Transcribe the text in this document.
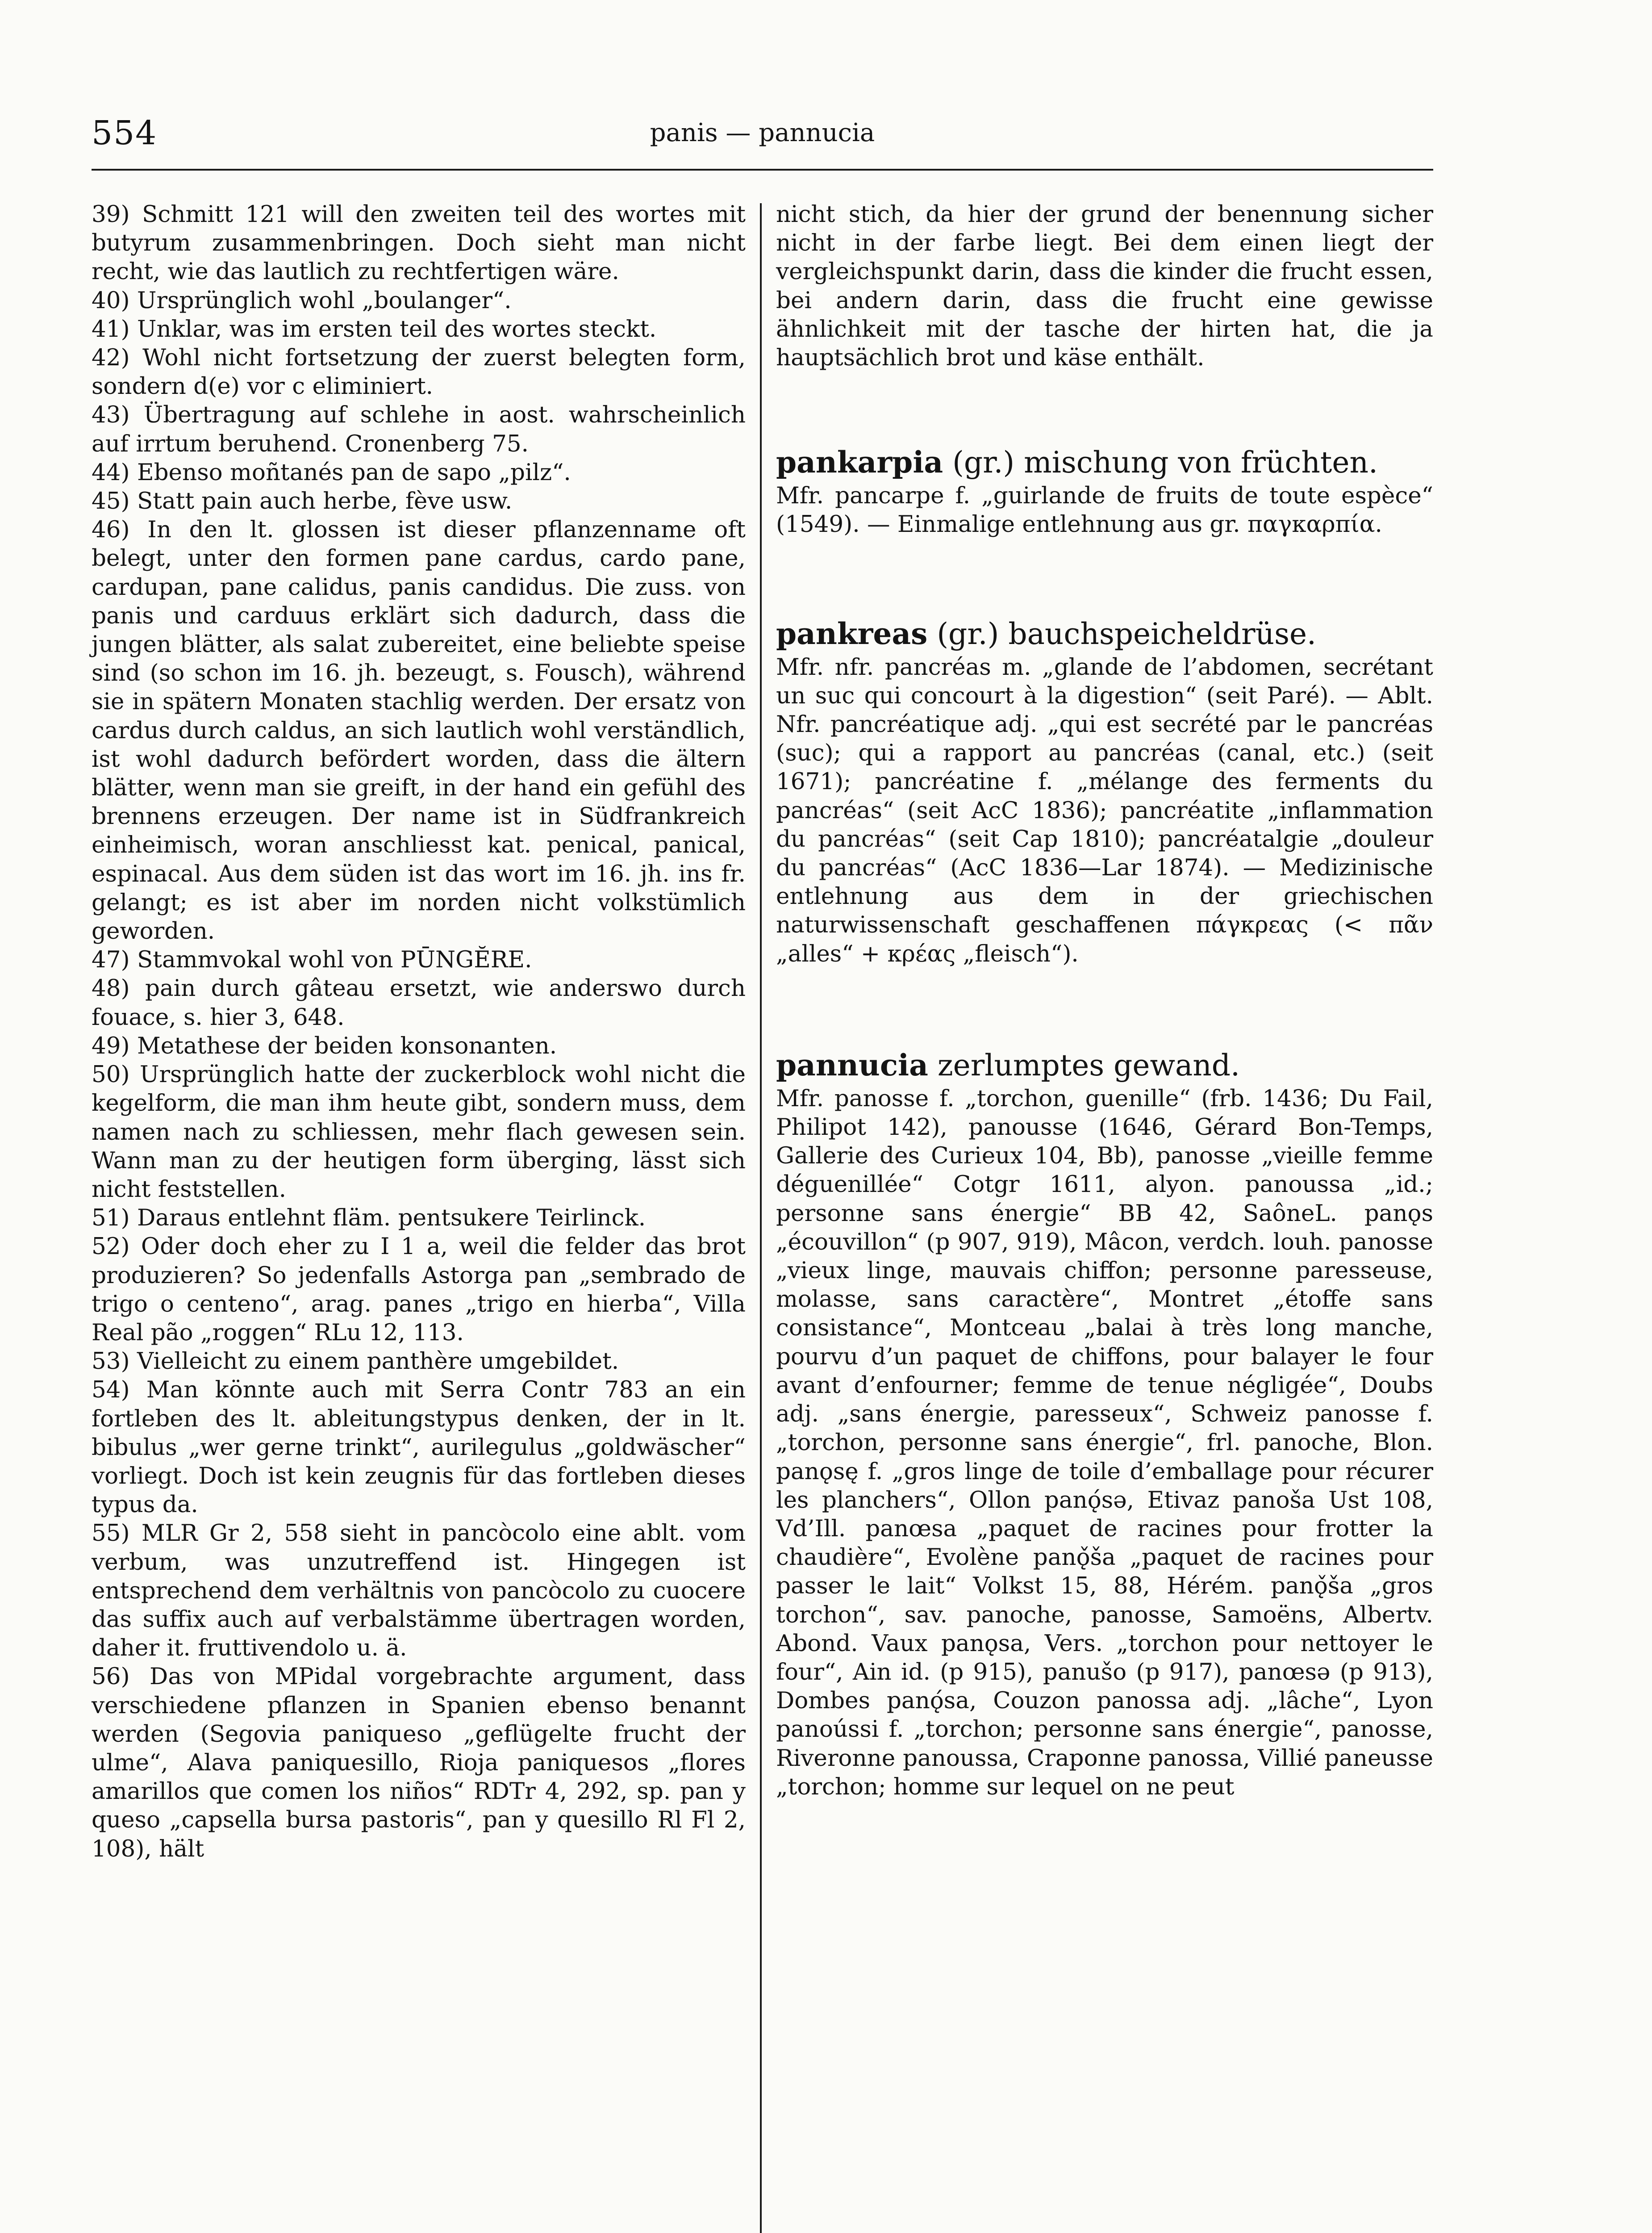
554	panis — pannucia

39) Schmitt 121 will den zweiten teil des wortes mit butyrum zusammenbringen. Doch sieht man nicht recht, wie das lautlich zu rechtfertigen wäre.

40) Ursprünglich wohl „boulanger“.

41) Unklar, was im ersten teil des wortes steckt.

42) Wohl nicht fortsetzung der zuerst belegten form, sondern d(e) vor c eliminiert.

43) Übertragung auf schlehe in aost. wahrscheinlich auf irrtum beruhend. Cronenberg 75.

44) Ebenso moñtanés pan de sapo „pilz“.

45) Statt pain auch herbe, fève usw.

46) In den lt. glossen ist dieser pflanzenname oft belegt, unter den formen pane cardus, cardo pane, cardupan, pane calidus, panis candidus. Die zuss. von panis und carduus erklärt sich dadurch, dass die jungen blätter, als salat zubereitet, eine beliebte speise sind (so schon im 16. jh. bezeugt, s. Fousch), während sie in spätern Monaten stachlig werden. Der ersatz von cardus durch caldus, an sich lautlich wohl verständlich, ist wohl dadurch befördert worden, dass die ältern blätter, wenn man sie greift, in der hand ein gefühl des brennens erzeugen. Der name ist in Südfrankreich einheimisch, woran anschliesst kat. penical, panical, espinacal. Aus dem süden ist das wort im 16. jh. ins fr. gelangt; es ist aber im norden nicht volkstümlich geworden.

47) Stammvokal wohl von PŪNGĔRE.

48) pain durch gâteau ersetzt, wie anderswo durch fouace, s. hier 3, 648.

49) Metathese der beiden konsonanten.

50) Ursprünglich hatte der zuckerblock wohl nicht die kegelform, die man ihm heute gibt, sondern muss, dem namen nach zu schliessen, mehr flach gewesen sein. Wann man zu der heutigen form überging, lässt sich nicht feststellen.

51) Daraus entlehnt fläm. pentsukere Teirlinck.

52) Oder doch eher zu I 1 a, weil die felder das brot produzieren? So jedenfalls Astorga pan „sembrado de trigo o centeno“, arag. panes „trigo en hierba“, Villa Real pão „roggen“ RLu 12, 113.

53) Vielleicht zu einem panthère umgebildet.

54) Man könnte auch mit Serra Contr 783 an ein fortleben des lt. ableitungstypus denken, der in lt. bibulus „wer gerne trinkt“, aurilegulus „goldwäscher“ vorliegt. Doch ist kein zeugnis für das fortleben dieses typus da.

55) MLR Gr 2, 558 sieht in pancòcolo eine ablt. vom verbum, was unzutreffend ist. Hingegen ist entsprechend dem verhältnis von pancòcolo zu cuocere das suffix auch auf verbalstämme übertragen worden, daher it. fruttivendolo u. ä.

56) Das von MPidal vorgebrachte argument, dass verschiedene pflanzen in Spanien ebenso benannt werden (Segovia paniqueso „geflügelte frucht der ulme“, Alava paniquesillo, Rioja paniquesos „flores amarillos que comen los niños“ RDTr 4, 292, sp. pan y queso „capsella bursa pastoris“, pan y quesillo Rl Fl 2, 108), hält

nicht stich, da hier der grund der benennung sicher nicht in der farbe liegt. Bei dem einen liegt der vergleichspunkt darin, dass die kinder die frucht essen, bei andern darin, dass die frucht eine gewisse ähnlichkeit mit der tasche der hirten hat, die ja hauptsächlich brot und käse enthält.

pankarpia (gr.) mischung von früchten.

Mfr. pancarpe f. „guirlande de fruits de toute espèce“ (1549). — Einmalige entlehnung aus gr. παγκαρπία.

pankreas (gr.) bauchspeicheldrüse.

Mfr. nfr. pancréas m. „glande de l’abdomen, secrétant un suc qui concourt à la digestion“ (seit Paré). — Ablt. Nfr. pancréatique adj. „qui est secrété par le pancréas (suc); qui a rapport au pancréas (canal, etc.) (seit 1671); pancréatine f. „mélange des ferments du pancréas“ (seit AcC 1836); pancréatite „inflammation du pancréas“ (seit Cap 1810); pancréatalgie „douleur du pancréas“ (AcC 1836—Lar 1874). — Medizinische entlehnung aus dem in der griechischen naturwissenschaft geschaffenen πάγκρεας (< πᾶν „alles“ + κρέας „fleisch“).

pannucia zerlumptes gewand.

Mfr. panosse f. „torchon, guenille“ (frb. 1436; Du Fail, Philipot 142), panousse (1646, Gérard Bon-Temps, Gallerie des Curieux 104, Bb), panosse „vieille femme déguenillée“ Cotgr 1611, alyon. panoussa „id.; personne sans énergie“ BB 42, SaôneL. panǫs „écouvillon“ (p 907, 919), Mâcon, verdch. louh. panosse „vieux linge, mauvais chiffon; personne paresseuse, molasse, sans caractère“, Montret „étoffe sans consistance“, Montceau „balai à très long manche, pourvu d’un paquet de chiffons, pour balayer le four avant d’enfourner; femme de tenue négligée“, Doubs adj. „sans énergie, paresseux“, Schweiz panosse f. „torchon, personne sans énergie“, frl. panoche, Blon. panǫsę f. „gros linge de toile d’emballage pour récurer les planchers“, Ollon panǫ́sə, Etivaz panoša Ust 108, Vd’Ill. panœsa „paquet de racines pour frotter la chaudière“, Evolène panǫ̌ša „paquet de racines pour passer le lait“ Volkst 15, 88, Hérém. panǫ̌ša „gros torchon“, sav. panoche, panosse, Samoëns, Albertv. Abond. Vaux panǫsa, Vers. „torchon pour nettoyer le four“, Ain id. (p 915), panušo (p 917), panœsə (p 913), Dombes panǫ́sa, Couzon panossa adj. „lâche“, Lyon panoússi f. „torchon; personne sans énergie“, panosse, Riveronne panoussa, Craponne panossa, Villié paneusse „torchon; homme sur lequel on ne peut
